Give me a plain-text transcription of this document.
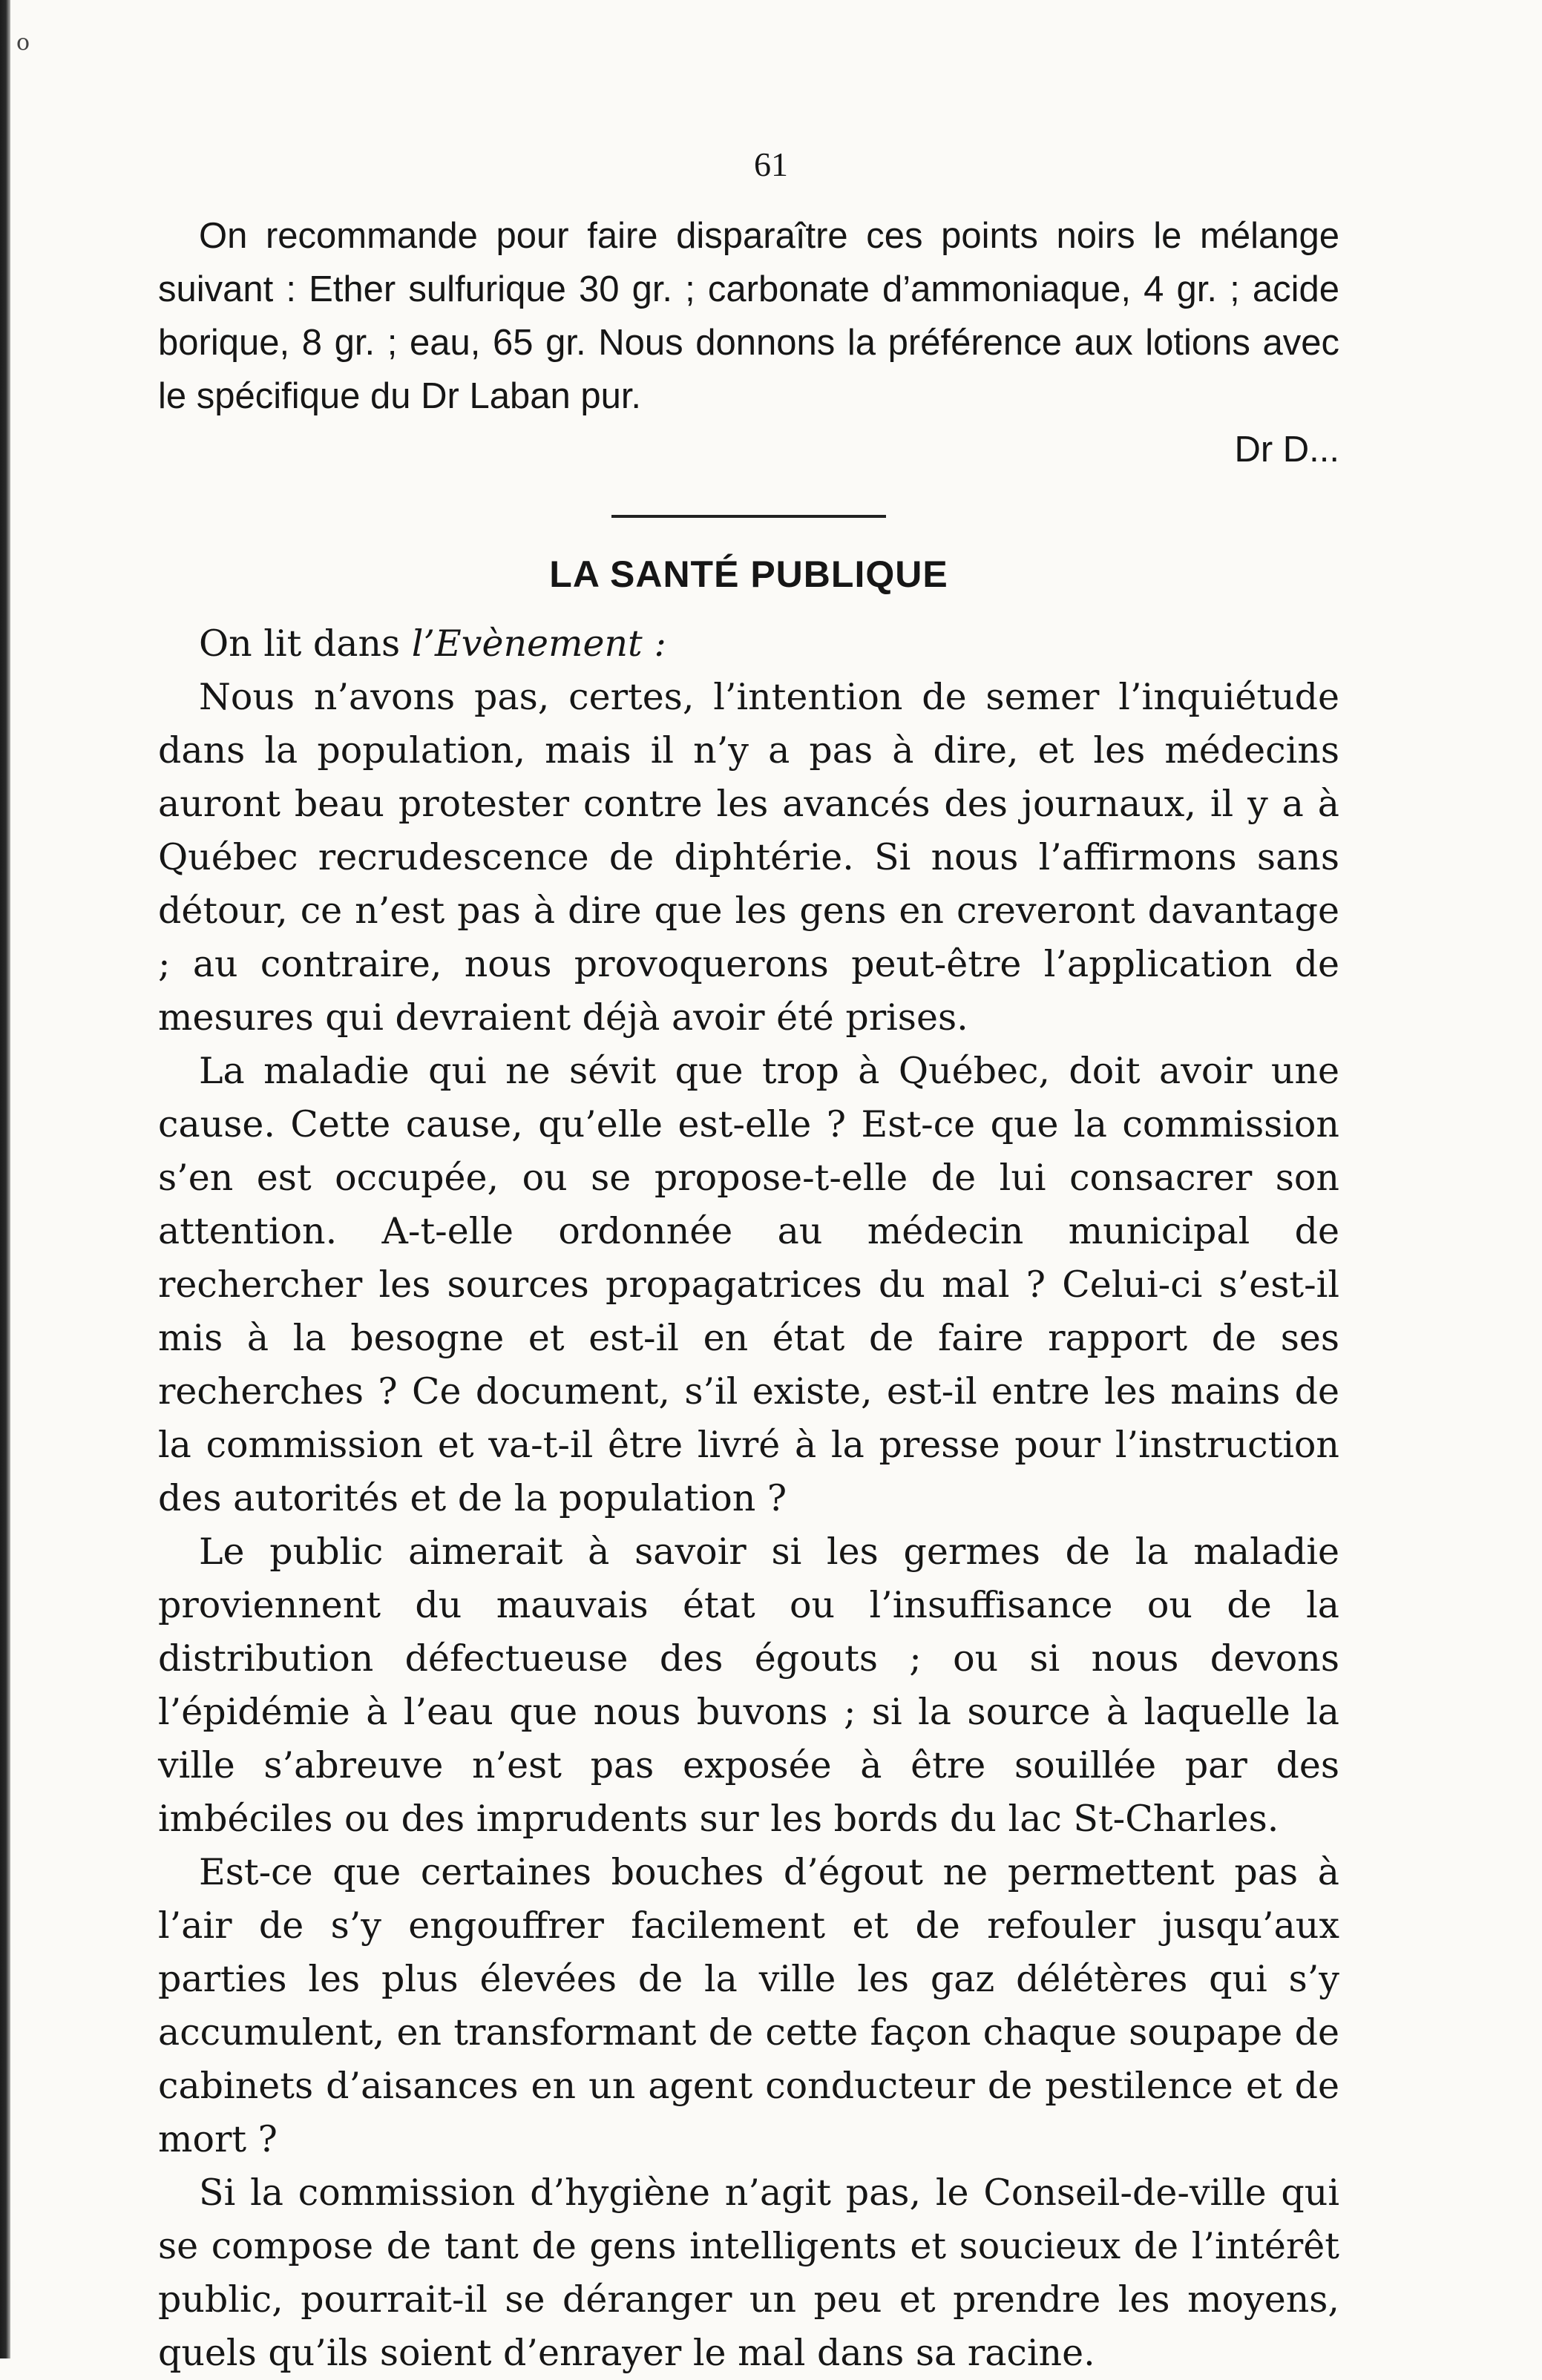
o
61

On recommande pour faire disparaître ces points noirs le mélange suivant : Ether sulfurique 30 gr. ; carbonate d’ammoniaque, 4 gr. ; acide borique, 8 gr. ; eau, 65 gr. Nous donnons la préférence aux lotions avec le spécifique du Dr Laban pur.

Dr D...
LA SANTÉ PUBLIQUE

On lit dans l’Evènement :

Nous n’avons pas, certes, l’intention de semer l’inquiétude dans la population, mais il n’y a pas à dire, et les médecins auront beau protester contre les avancés des journaux, il y a à Québec recrudescence de diphtérie. Si nous l’affirmons sans détour, ce n’est pas à dire que les gens en creveront davantage ; au contraire, nous provoquerons peut-être l’application de mesures qui devraient déjà avoir été prises.

La maladie qui ne sévit que trop à Québec, doit avoir une cause. Cette cause, qu’elle est-elle ? Est-ce que la commission s’en est occupée, ou se propose-t-elle de lui consacrer son attention. A-t-elle ordonnée au médecin municipal de rechercher les sources propagatrices du mal ? Celui-ci s’est-il mis à la besogne et est-il en état de faire rapport de ses recherches ? Ce document, s’il existe, est-il entre les mains de la commission et va-t-il être livré à la presse pour l’instruction des autorités et de la population ?

Le public aimerait à savoir si les germes de la maladie proviennent du mauvais état ou l’insuffisance ou de la distribution défectueuse des égouts ; ou si nous devons l’épidémie à l’eau que nous buvons ; si la source à laquelle la ville s’abreuve n’est pas exposée à être souillée par des imbéciles ou des imprudents sur les bords du lac St-Charles.

Est-ce que certaines bouches d’égout ne permettent pas à l’air de s’y engouffrer facilement et de refouler jusqu’aux parties les plus élevées de la ville les gaz délétères qui s’y accumulent, en transformant de cette façon chaque soupape de cabinets d’aisances en un agent conducteur de pestilence et de mort ?

Si la commission d’hygiène n’agit pas, le Conseil-de-ville qui se compose de tant de gens intelligents et soucieux de l’intérêt public, pourrait-il se déranger un peu et prendre les moyens, quels qu’ils soient d’enrayer le mal dans sa racine.
